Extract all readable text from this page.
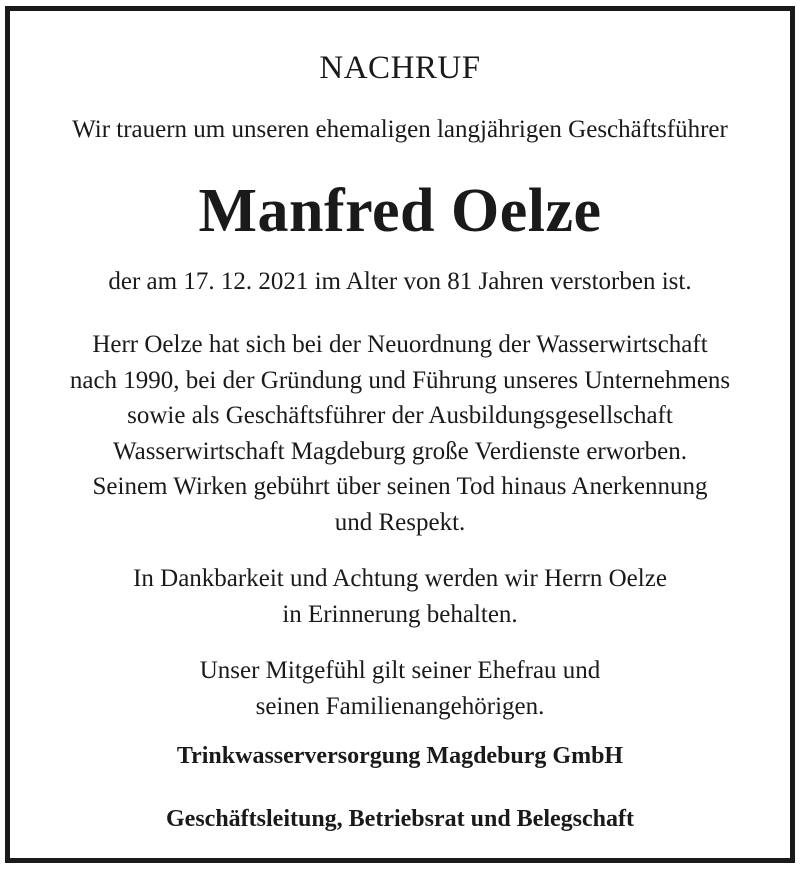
NACHRUF
Wir trauern um unseren ehemaligen langjährigen Geschäftsführer
Manfred Oelze
der am 17. 12. 2021 im Alter von 81 Jahren verstorben ist.
Herr Oelze hat sich bei der Neuordnung der Wasserwirtschaft
nach 1990, bei der Gründung und Führung unseres Unternehmens
sowie als Geschäftsführer der Ausbildungsgesellschaft
Wasserwirtschaft Magdeburg große Verdienste erworben.
Seinem Wirken gebührt über seinen Tod hinaus Anerkennung
und Respekt.
In Dankbarkeit und Achtung werden wir Herrn Oelze
in Erinnerung behalten.
Unser Mitgefühl gilt seiner Ehefrau und
seinen Familienangehörigen.
Trinkwasserversorgung Magdeburg GmbH
Geschäftsleitung, Betriebsrat und Belegschaft
